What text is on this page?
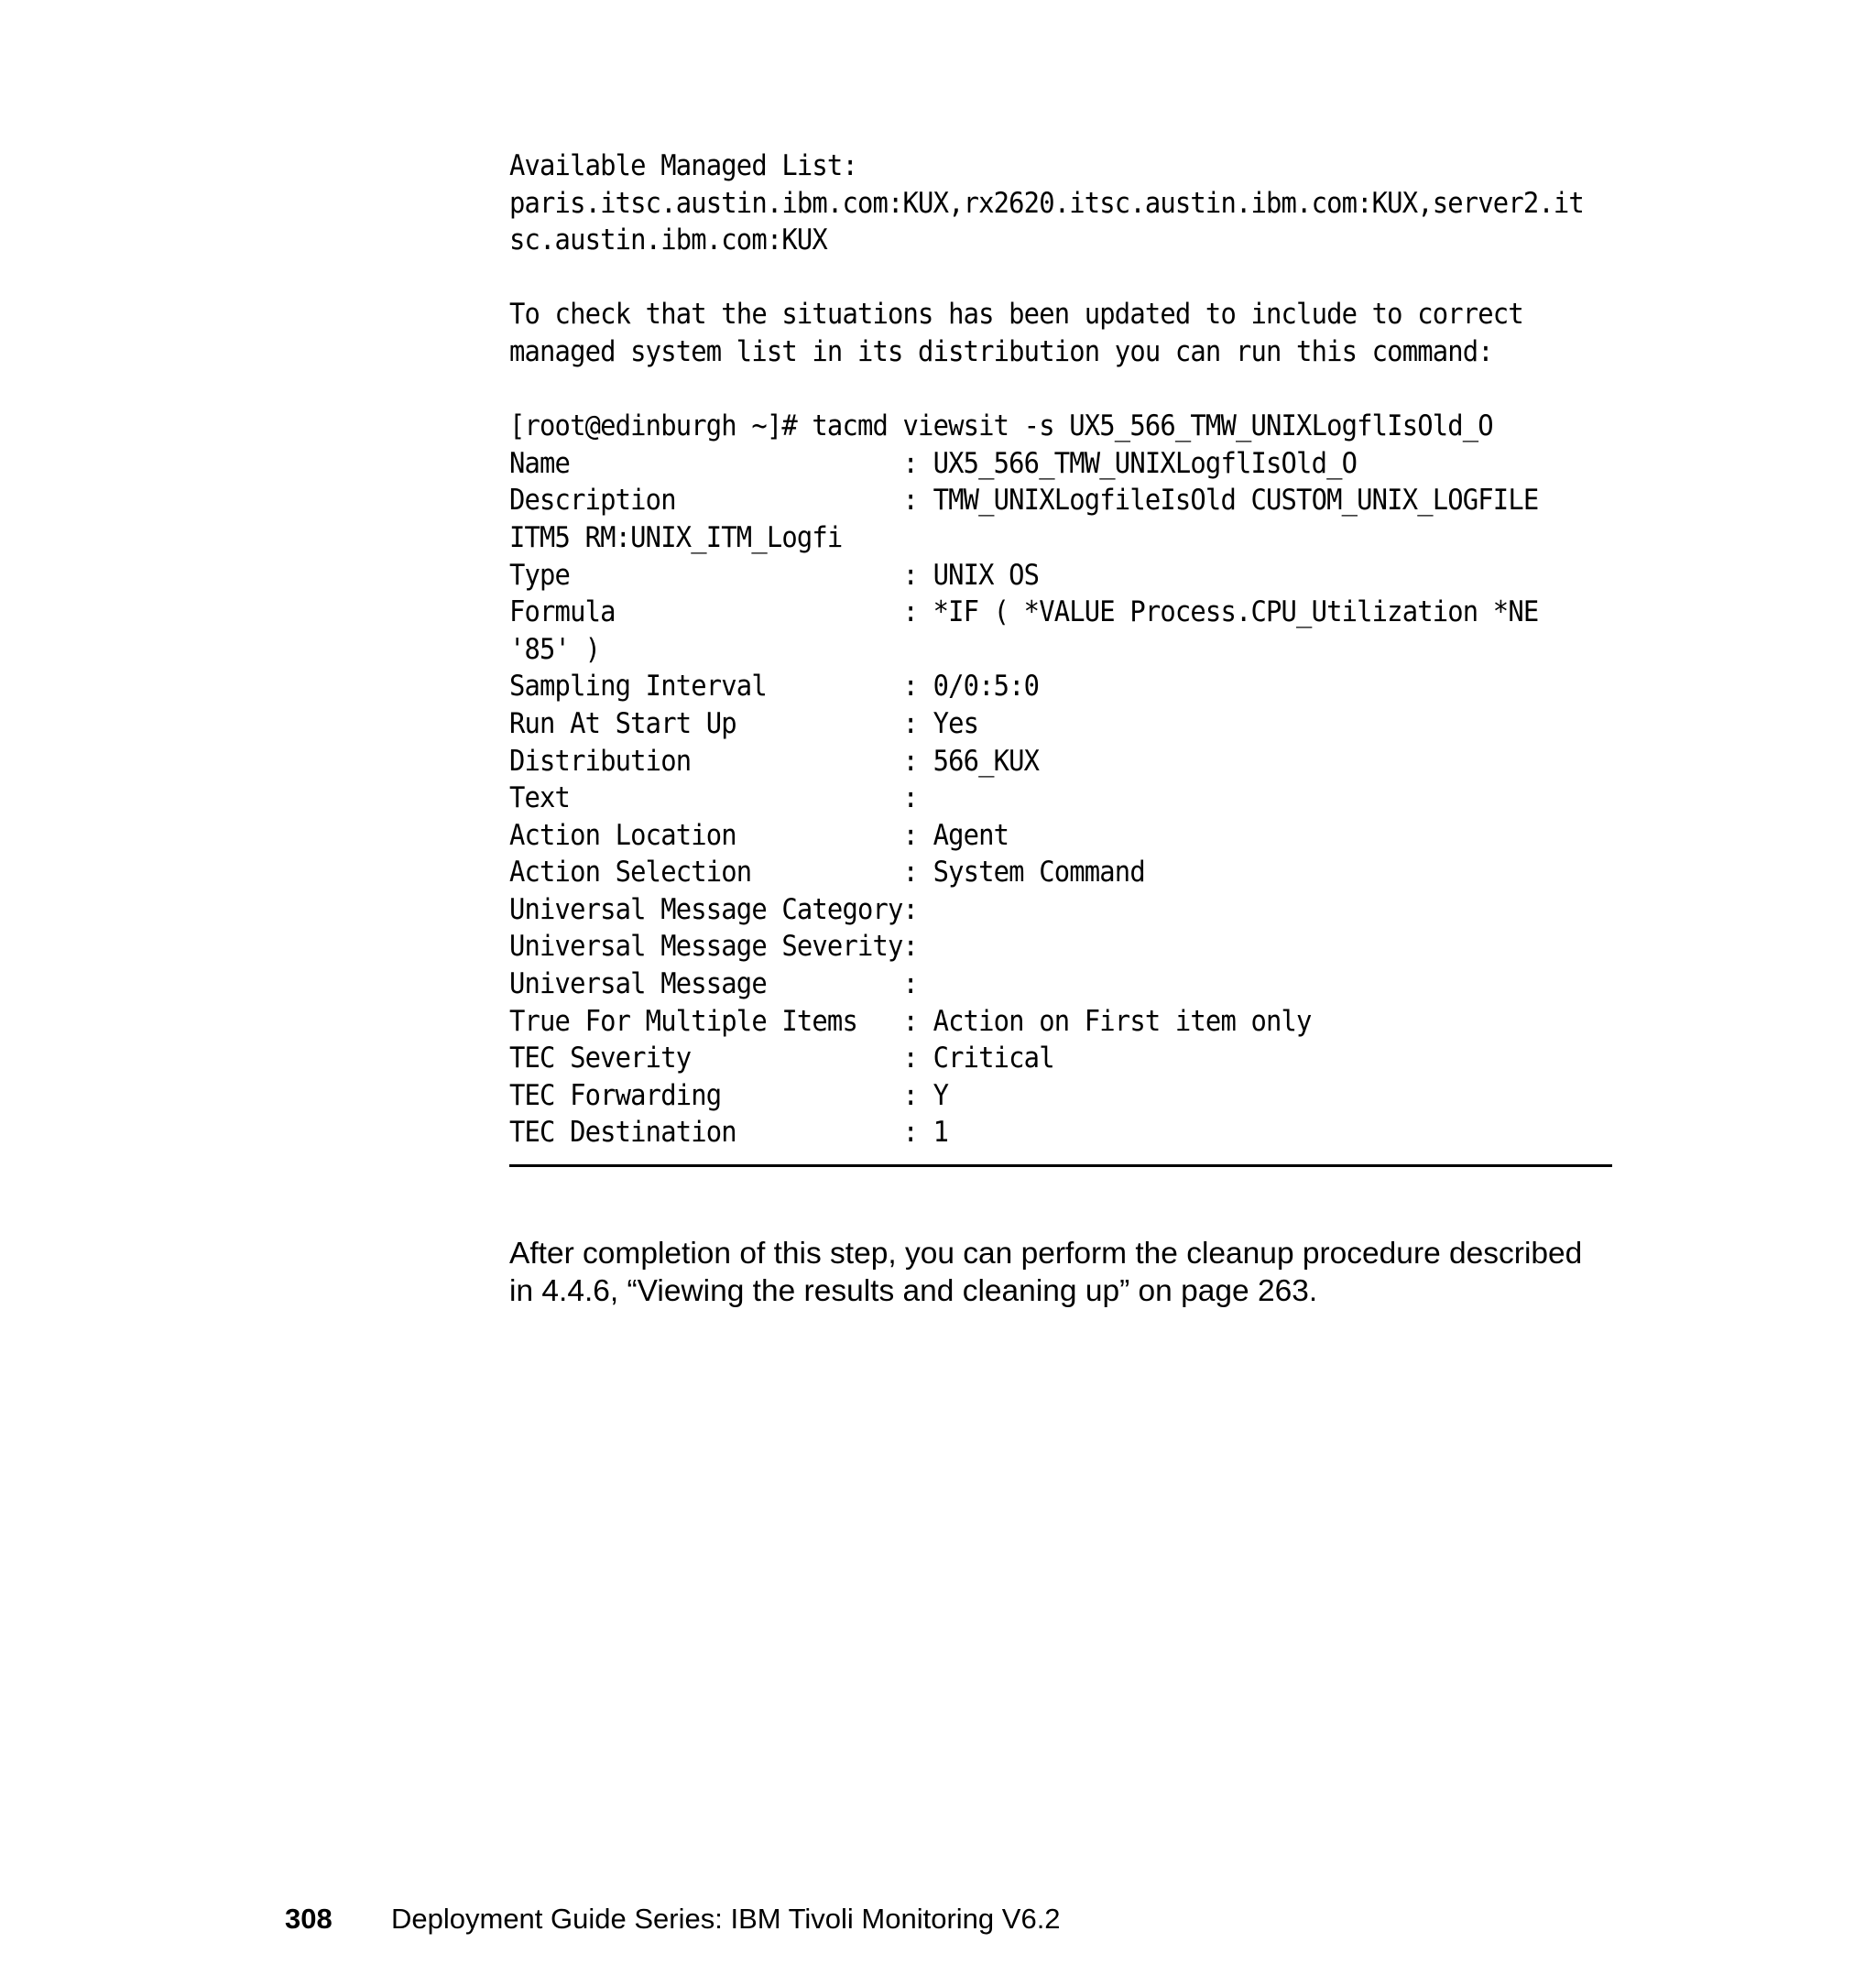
Available Managed List:
paris.itsc.austin.ibm.com:KUX,rx2620.itsc.austin.ibm.com:KUX,server2.it
sc.austin.ibm.com:KUX
To check that the situations has been updated to include to correct
managed system list in its distribution you can run this command:
[root@edinburgh ~]# tacmd viewsit -s UX5_566_TMW_UNIXLogflIsOld_O
Name                      : UX5_566_TMW_UNIXLogflIsOld_O
Description               : TMW_UNIXLogfileIsOld CUSTOM_UNIX_LOGFILE
ITM5 RM:UNIX_ITM_Logfi
Type                      : UNIX OS
Formula                   : *IF ( *VALUE Process.CPU_Utilization *NE
'85' )
Sampling Interval         : 0/0:5:0
Run At Start Up           : Yes
Distribution              : 566_KUX
Text                      :
Action Location           : Agent
Action Selection          : System Command
Universal Message Category:
Universal Message Severity:
Universal Message         :
True For Multiple Items   : Action on First item only
TEC Severity              : Critical
TEC Forwarding            : Y
TEC Destination           : 1

After completion of this step, you can perform the cleanup procedure described in 4.4.6, “Viewing the results and cleaning up” on page 263.

308 Deployment Guide Series: IBM Tivoli Monitoring V6.2
